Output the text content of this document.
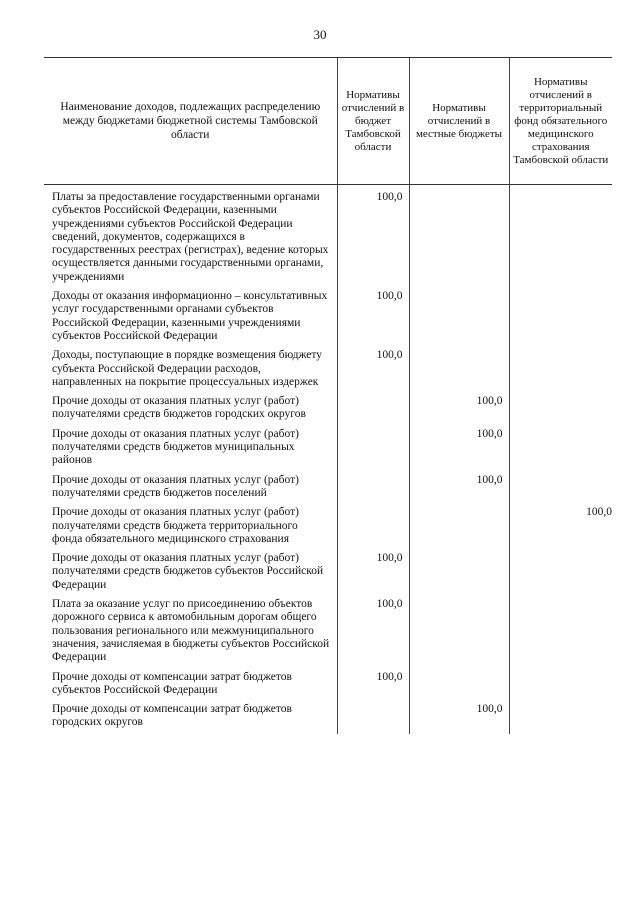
30
Наименование доходов, подлежащих распределению между бюджетами бюджетной системы Тамбовской области	Нормативы отчислений в бюджет Тамбовской области	Нормативы отчислений в местные бюджеты	Нормативы отчислений в территориальный фонд обязательного медицинского страхования Тамбовской области
Платы за предоставление государственными органами субъектов Российской Федерации, казенными учреждениями субъектов Российской Федерации сведений, документов, содержащихся в государственных реестрах (регистрах), ведение которых осуществляется данными государственными органами, учреждениями	100,0		
Доходы от оказания информационно – консультативных услуг государственными органами субъектов Российской Федерации, казенными учреждениями субъектов Российской Федерации	100,0		
Доходы, поступающие в порядке возмещения бюджету субъекта Российской Федерации расходов, направленных на покрытие процессуальных издержек	100,0		
Прочие доходы от оказания платных услуг (работ) получателями средств бюджетов городских округов		100,0	
Прочие доходы от оказания платных услуг (работ) получателями средств бюджетов муниципальных районов		100,0	
Прочие доходы от оказания платных услуг (работ) получателями средств бюджетов поселений		100,0	
Прочие доходы от оказания платных услуг (работ) получателями средств бюджета территориального фонда обязательного медицинского страхования			100,0
Прочие доходы от оказания платных услуг (работ) получателями средств бюджетов субъектов Российской Федерации	100,0		
Плата за оказание услуг по присоединению объектов дорожного сервиса к автомобильным дорогам общего пользования регионального или межмуниципального значения, зачисляемая в бюджеты субъектов Российской Федерации	100,0		
Прочие доходы от компенсации затрат бюджетов субъектов Российской Федерации	100,0		
Прочие доходы от компенсации затрат бюджетов городских округов		100,0	
